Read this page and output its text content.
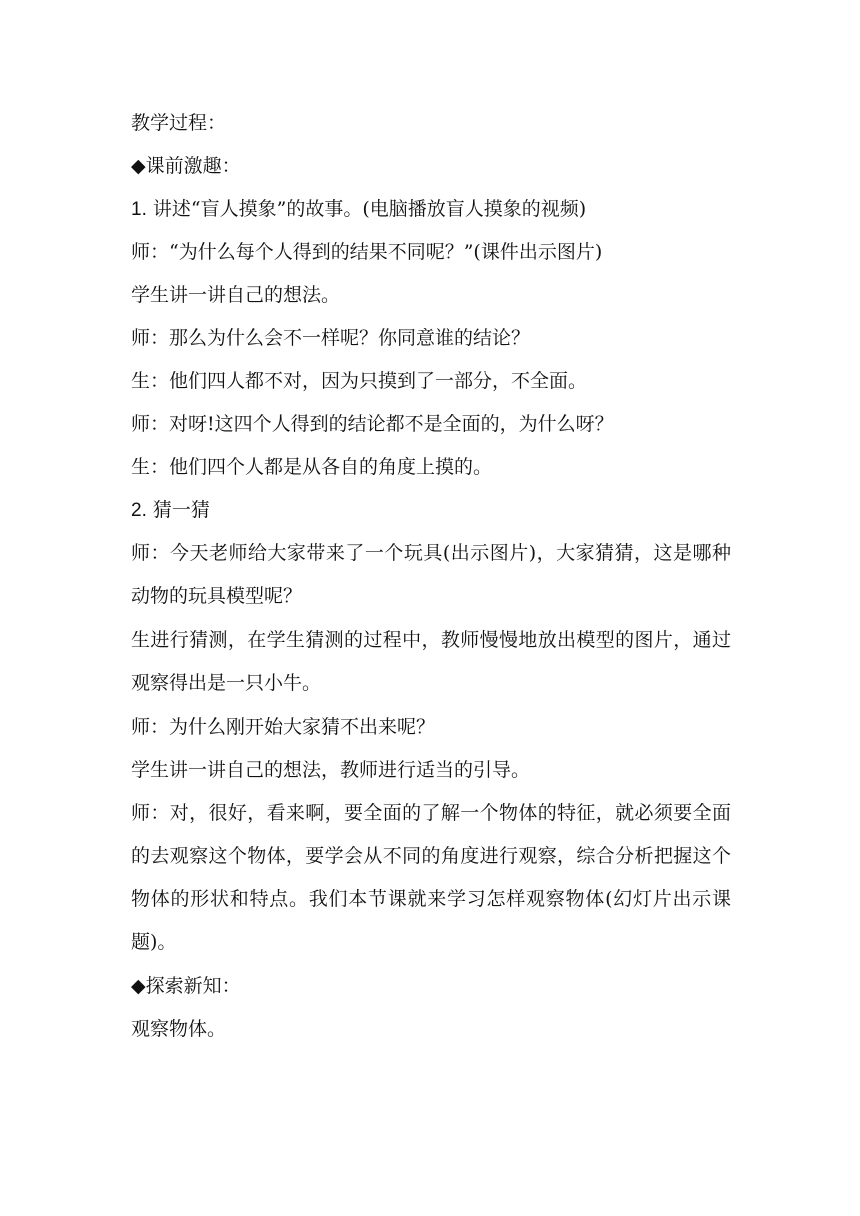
教学过程：
◆课前激趣：
1. 讲述“盲人摸象”的故事。(电脑播放盲人摸象的视频)
师：“为什么每个人得到的结果不同呢？”(课件出示图片)
学生讲一讲自己的想法。
师：那么为什么会不一样呢？你同意谁的结论？
生：他们四人都不对，因为只摸到了一部分，不全面。
师：对呀!这四个人得到的结论都不是全面的，为什么呀？
生：他们四个人都是从各自的角度上摸的。
2. 猜一猜
师：今天老师给大家带来了一个玩具(出示图片)，大家猜猜，这是哪种动物的玩具模型呢？
生进行猜测，在学生猜测的过程中，教师慢慢地放出模型的图片，通过观察得出是一只小牛。
师：为什么刚开始大家猜不出来呢？
学生讲一讲自己的想法，教师进行适当的引导。
师：对，很好，看来啊，要全面的了解一个物体的特征，就必须要全面的去观察这个物体，要学会从不同的角度进行观察，综合分析把握这个物体的形状和特点。我们本节课就来学习怎样观察物体(幻灯片出示课题)。
◆探索新知：
观察物体。
